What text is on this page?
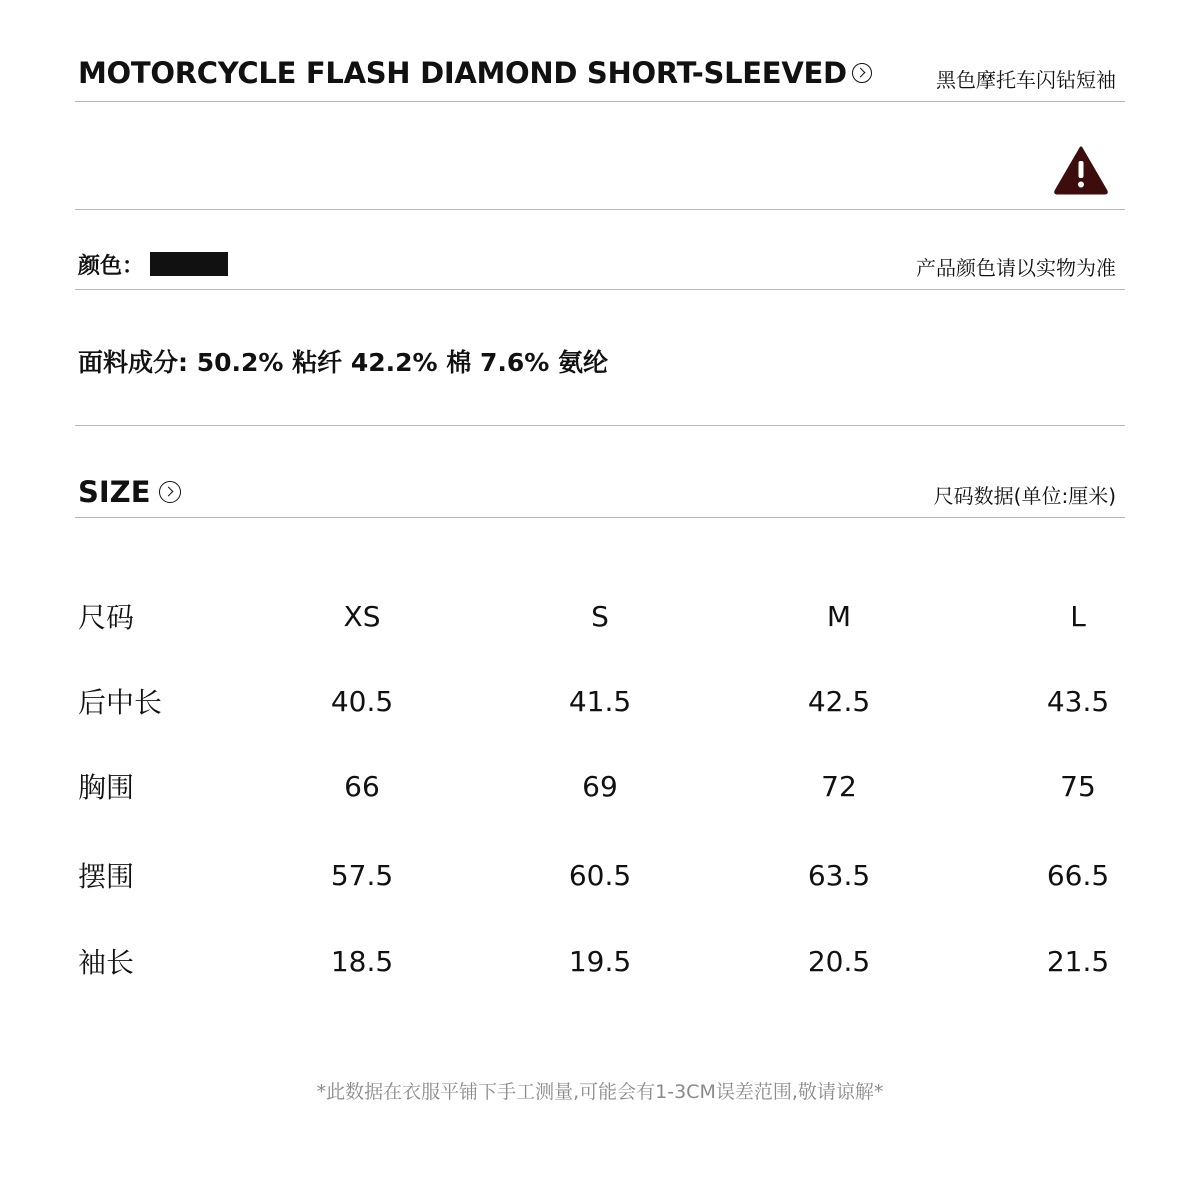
MOTORCYCLE FLASH DIAMOND SHORT-SLEEVED	黑色摩托车闪钻短袖
颜色：	产品颜色请以实物为准
面料成分: 50.2% 粘纤 42.2% 棉 7.6% 氨纶
SIZE	尺码数据(单位:厘米)
尺码	XS	S	M	L
后中长	40.5	41.5	42.5	43.5
胸围	66	69	72	75
摆围	57.5	60.5	63.5	66.5
袖长	18.5	19.5	20.5	21.5
*此数据在衣服平铺下手工测量,可能会有1-3CM误差范围,敬请谅解*
